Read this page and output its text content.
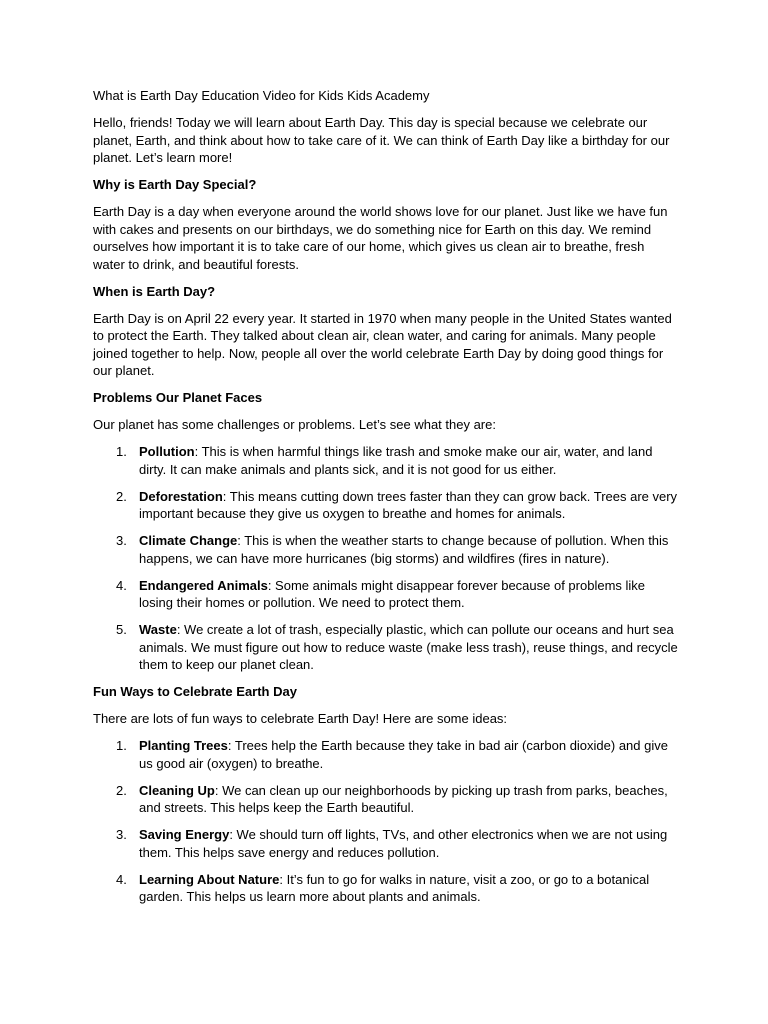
What is Earth Day Education Video for Kids Kids Academy

Hello, friends! Today we will learn about Earth Day. This day is special because we celebrate our planet, Earth, and think about how to take care of it. We can think of Earth Day like a birthday for our planet. Let’s learn more!

Why is Earth Day Special?

Earth Day is a day when everyone around the world shows love for our planet. Just like we have fun with cakes and presents on our birthdays, we do something nice for Earth on this day. We remind ourselves how important it is to take care of our home, which gives us clean air to breathe, fresh water to drink, and beautiful forests.

When is Earth Day?

Earth Day is on April 22 every year. It started in 1970 when many people in the United States wanted to protect the Earth. They talked about clean air, clean water, and caring for animals. Many people joined together to help. Now, people all over the world celebrate Earth Day by doing good things for our planet.

Problems Our Planet Faces

Our planet has some challenges or problems. Let’s see what they are:

1. Pollution: This is when harmful things like trash and smoke make our air, water, and land dirty. It can make animals and plants sick, and it is not good for us either.
2. Deforestation: This means cutting down trees faster than they can grow back. Trees are very important because they give us oxygen to breathe and homes for animals.
3. Climate Change: This is when the weather starts to change because of pollution. When this happens, we can have more hurricanes (big storms) and wildfires (fires in nature).
4. Endangered Animals: Some animals might disappear forever because of problems like losing their homes or pollution. We need to protect them.
5. Waste: We create a lot of trash, especially plastic, which can pollute our oceans and hurt sea animals. We must figure out how to reduce waste (make less trash), reuse things, and recycle them to keep our planet clean.
Fun Ways to Celebrate Earth Day

There are lots of fun ways to celebrate Earth Day! Here are some ideas:

1. Planting Trees: Trees help the Earth because they take in bad air (carbon dioxide) and give us good air (oxygen) to breathe.
2. Cleaning Up: We can clean up our neighborhoods by picking up trash from parks, beaches, and streets. This helps keep the Earth beautiful.
3. Saving Energy: We should turn off lights, TVs, and other electronics when we are not using them. This helps save energy and reduces pollution.
4. Learning About Nature: It’s fun to go for walks in nature, visit a zoo, or go to a botanical garden. This helps us learn more about plants and animals.
